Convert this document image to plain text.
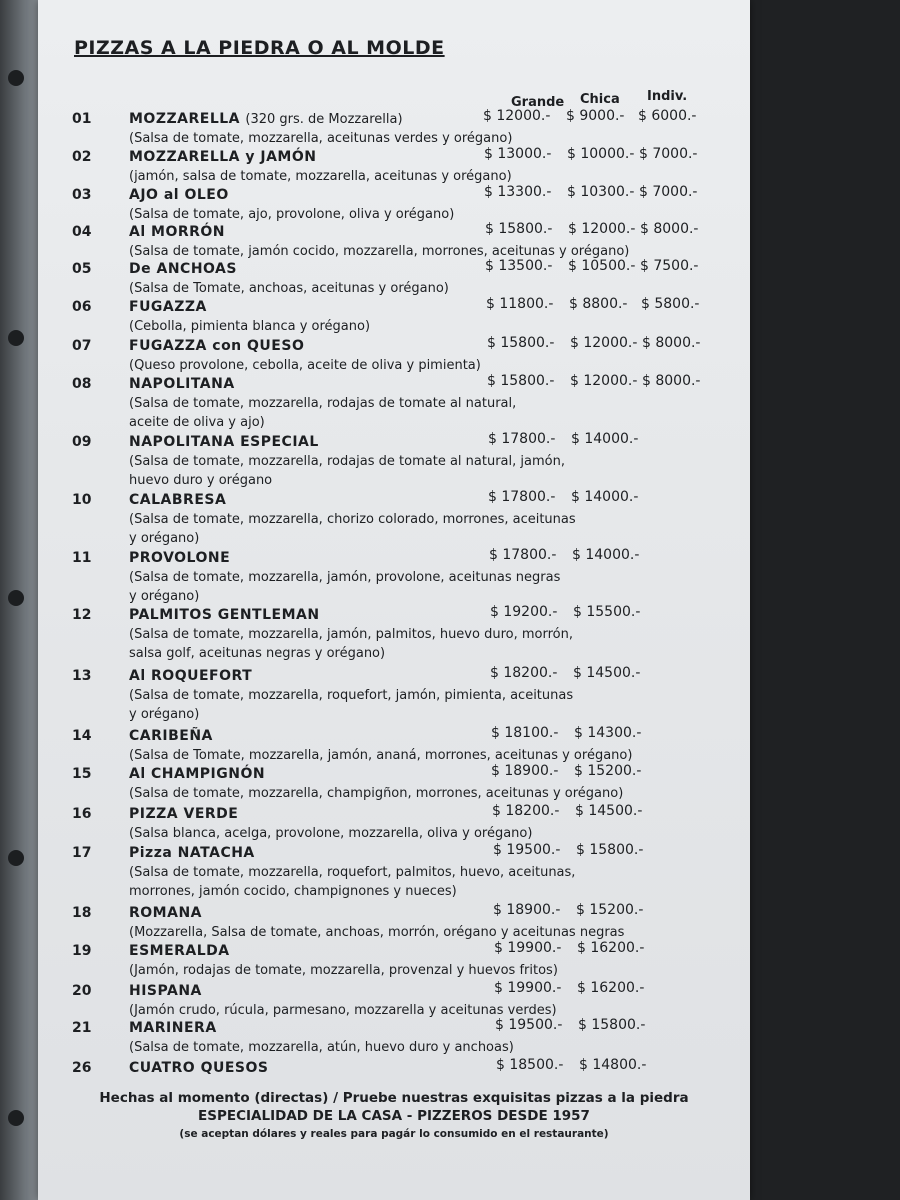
PIZZAS A LA PIEDRA O AL MOLDE
Grande Chica Indiv.
01	MOZZARELLA (320 grs. de Mozzarella)
(Salsa de tomate, mozzarella, aceitunas verdes y orégano)
$ 12000.- $ 9000.- $ 6000.-
02	MOZZARELLA y JAMÓN
(jamón, salsa de tomate, mozzarella, aceitunas y orégano)
$ 13000.- $ 10000.- $ 7000.-
03	AJO al OLEO
(Salsa de tomate, ajo, provolone, oliva y orégano)
$ 13300.- $ 10300.- $ 7000.-
04	Al MORRÓN
(Salsa de tomate, jamón cocido, mozzarella, morrones, aceitunas y orégano)
$ 15800.- $ 12000.- $ 8000.-
05	De ANCHOAS
(Salsa de Tomate, anchoas, aceitunas y orégano)
$ 13500.- $ 10500.- $ 7500.-
06	FUGAZZA
(Cebolla, pimienta blanca y orégano)
$ 11800.- $ 8800.- $ 5800.-
07	FUGAZZA con QUESO
(Queso provolone, cebolla, aceite de oliva y pimienta)
$ 15800.- $ 12000.- $ 8000.-
08	NAPOLITANA
(Salsa de tomate, mozzarella, rodajas de tomate al natural,
aceite de oliva y ajo)
$ 15800.- $ 12000.- $ 8000.-
09	NAPOLITANA ESPECIAL
(Salsa de tomate, mozzarella, rodajas de tomate al natural, jamón,
huevo duro y orégano
$ 17800.- $ 14000.-
10	CALABRESA
(Salsa de tomate, mozzarella, chorizo colorado, morrones, aceitunas
y orégano)
$ 17800.- $ 14000.-
11	PROVOLONE
(Salsa de tomate, mozzarella, jamón, provolone, aceitunas negras
y orégano)
$ 17800.- $ 14000.-
12	PALMITOS GENTLEMAN
(Salsa de tomate, mozzarella, jamón, palmitos, huevo duro, morrón,
salsa golf, aceitunas negras y orégano)
$ 19200.- $ 15500.-
13	Al ROQUEFORT
(Salsa de tomate, mozzarella, roquefort, jamón, pimienta, aceitunas
y orégano)
$ 18200.- $ 14500.-
14	CARIBEÑA
(Salsa de Tomate, mozzarella, jamón, ananá, morrones, aceitunas y orégano)
$ 18100.- $ 14300.-
15	Al CHAMPIGNÓN
(Salsa de tomate, mozzarella, champigñon, morrones, aceitunas y orégano)
$ 18900.- $ 15200.-
16	PIZZA VERDE
(Salsa blanca, acelga, provolone, mozzarella, oliva y orégano)
$ 18200.- $ 14500.-
17	Pizza NATACHA
(Salsa de tomate, mozzarella, roquefort, palmitos, huevo, aceitunas,
morrones, jamón cocido, champignones y nueces)
$ 19500.- $ 15800.-
18	ROMANA
(Mozzarella, Salsa de tomate, anchoas, morrón, orégano y aceitunas negras
$ 18900.- $ 15200.-
19	ESMERALDA
(Jamón, rodajas de tomate, mozzarella, provenzal y huevos fritos)
$ 19900.- $ 16200.-
20	HISPANA
(Jamón crudo, rúcula, parmesano, mozzarella y aceitunas verdes)
$ 19900.- $ 16200.-
21	MARINERA
(Salsa de tomate, mozzarella, atún, huevo duro y anchoas)
$ 19500.- $ 15800.-
26	CUATRO QUESOS	$ 18500.- $ 14800.-
Hechas al momento (directas) / Pruebe nuestras exquisitas pizzas a la piedra
ESPECIALIDAD DE LA CASA - PIZZEROS DESDE 1957
(se aceptan dólares y reales para pagár lo consumido en el restaurante)
